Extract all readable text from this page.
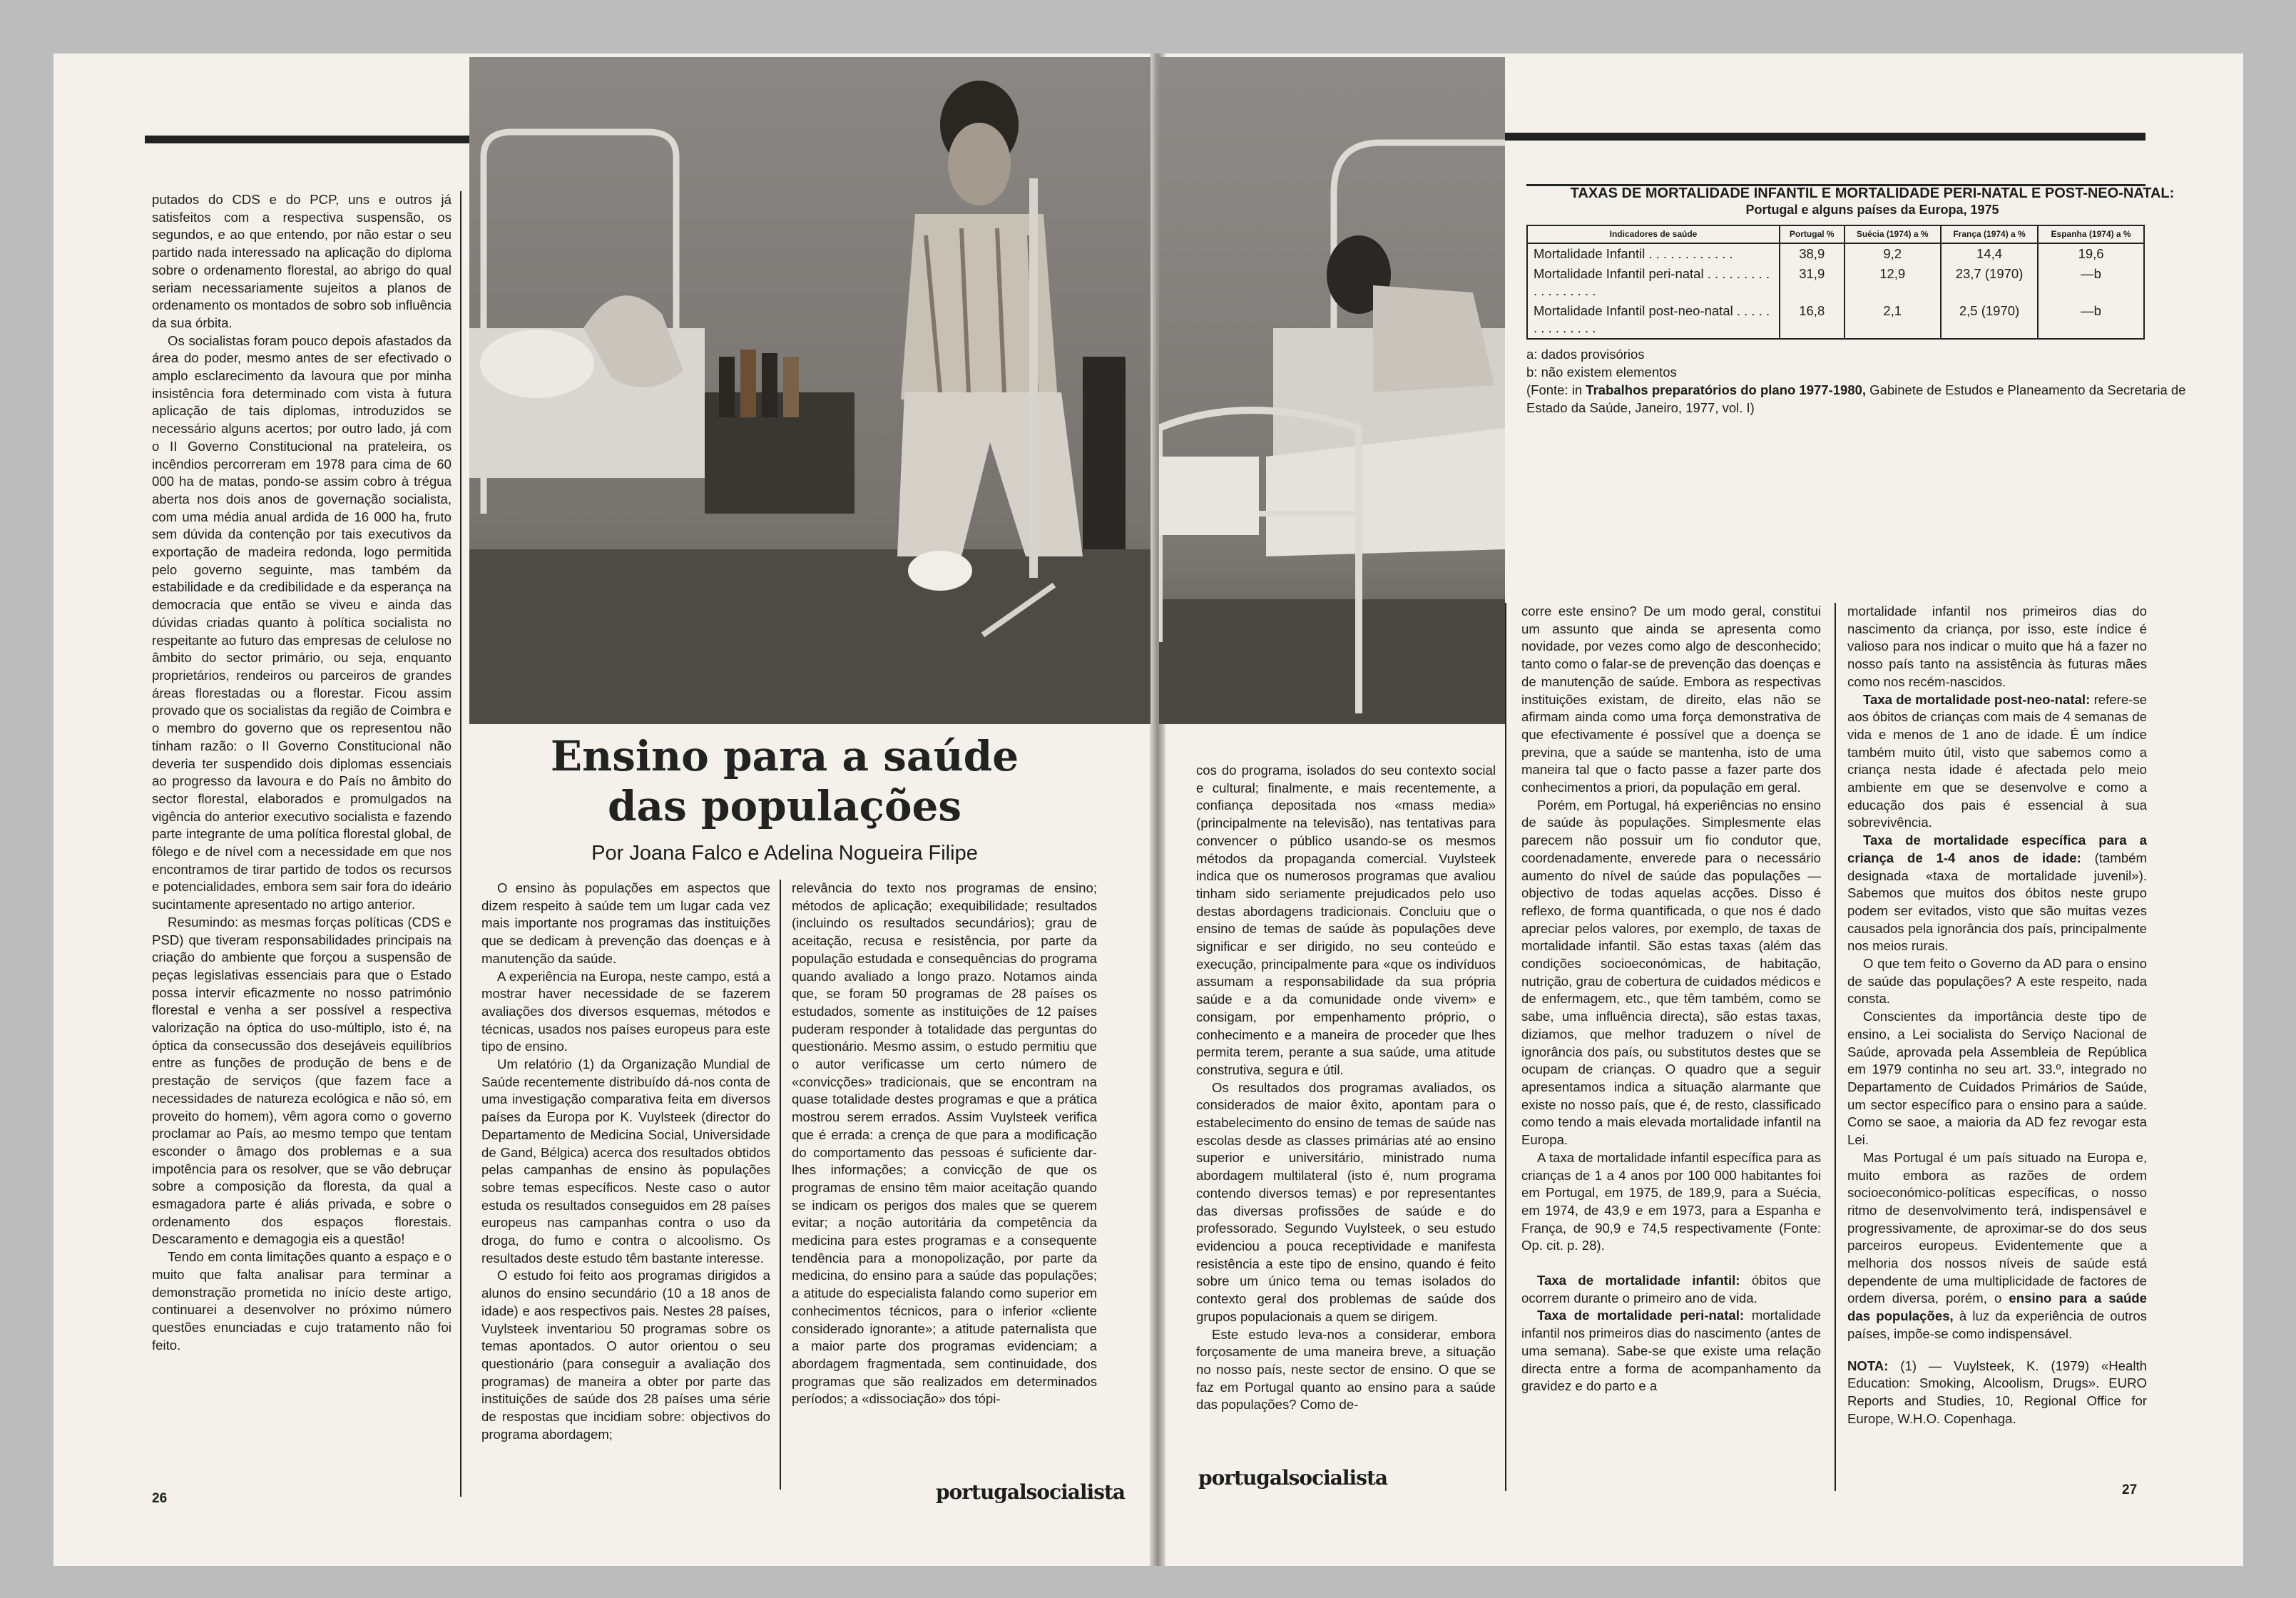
putados do CDS e do PCP, uns e outros já satisfeitos com a respectiva suspensão, os segundos, e ao que entendo, por não estar o seu partido nada interessado na aplicação do diploma sobre o ordenamento florestal, ao abrigo do qual seriam necessariamente sujeitos a planos de ordenamento os montados de sobro sob influência da sua órbita.

Os socialistas foram pouco depois afastados da área do poder, mesmo antes de ser efectivado o amplo esclarecimento da lavoura que por minha insistência fora determinado com vista à futura aplicação de tais diplomas, introduzidos se necessário alguns acertos; por outro lado, já com o II Governo Constitucional na prateleira, os incêndios percorreram em 1978 para cima de 60 000 ha de matas, pondo-se assim cobro à trégua aberta nos dois anos de governação socialista, com uma média anual ardida de 16 000 ha, fruto sem dúvida da contenção por tais executivos da exportação de madeira redonda, logo permitida pelo governo seguinte, mas também da estabilidade e da credibilidade e da esperança na democracia que então se viveu e ainda das dúvidas criadas quanto à política socialista no respeitante ao futuro das empresas de celulose no âmbito do sector primário, ou seja, enquanto proprietários, rendeiros ou parceiros de grandes áreas florestadas ou a florestar. Ficou assim provado que os socialistas da região de Coimbra e o membro do governo que os representou não tinham razão: o II Governo Constitucional não deveria ter suspendido dois diplomas essenciais ao progresso da lavoura e do País no âmbito do sector florestal, elaborados e promulgados na vigência do anterior executivo socialista e fazendo parte integrante de uma política florestal global, de fôlego e de nível com a necessidade em que nos encontramos de tirar partido de todos os recursos e potencialidades, embora sem sair fora do ideário sucintamente apresentado no artigo anterior.

Resumindo: as mesmas forças políticas (CDS e PSD) que tiveram responsabilidades principais na criação do ambiente que forçou a suspensão de peças legislativas essenciais para que o Estado possa intervir eficazmente no nosso património florestal e venha a ser possível a respectiva valorização na óptica do uso-múltiplo, isto é, na óptica da consecussão dos desejáveis equilíbrios entre as funções de produção de bens e de prestação de serviços (que fazem face a necessidades de natureza ecológica e não só, em proveito do homem), vêm agora como o governo proclamar ao País, ao mesmo tempo que tentam esconder o âmago dos problemas e a sua impotência para os resolver, que se vão debruçar sobre a composição da floresta, da qual a esmagadora parte é aliás privada, e sobre o ordenamento dos espaços florestais. Descaramento e demagogia eis a questão!

Tendo em conta limitações quanto a espaço e o muito que falta analisar para terminar a demonstração prometida no início deste artigo, continuarei a desenvolver no próximo número questões enunciadas e cujo tratamento não foi feito.

Ensino para a saúde
das populações

Por Joana Falco e Adelina Nogueira Filipe

O ensino às populações em aspectos que dizem respeito à saúde tem um lugar cada vez mais importante nos programas das instituições que se dedicam à prevenção das doenças e à manutenção da saúde.

A experiência na Europa, neste campo, está a mostrar haver necessidade de se fazerem avaliações dos diversos esquemas, métodos e técnicas, usados nos países europeus para este tipo de ensino.

Um relatório (1) da Organização Mundial de Saúde recentemente distribuído dá-nos conta de uma investigação comparativa feita em diversos países da Europa por K. Vuylsteek (director do Departamento de Medicina Social, Universidade de Gand, Bélgica) acerca dos resultados obtidos pelas campanhas de ensino às populações sobre temas específicos. Neste caso o autor estuda os resultados conseguidos em 28 países europeus nas campanhas contra o uso da droga, do fumo e contra o alcoolismo. Os resultados deste estudo têm bastante interesse.

O estudo foi feito aos programas dirigidos a alunos do ensino secundário (10 a 18 anos de idade) e aos respectivos pais. Nestes 28 países, Vuylsteek inventariou 50 programas sobre os temas apontados. O autor orientou o seu questionário (para conseguir a avaliação dos programas) de maneira a obter por parte das instituições de saúde dos 28 países uma série de respostas que incidiam sobre: objectivos do programa abordagem;

relevância do texto nos programas de ensino; métodos de aplicação; exequibilidade; resultados (incluindo os resultados secundários); grau de aceitação, recusa e resistência, por parte da população estudada e consequências do programa quando avaliado a longo prazo. Notamos ainda que, se foram 50 programas de 28 países os estudados, somente as instituições de 12 países puderam responder à totalidade das perguntas do questionário. Mesmo assim, o estudo permitiu que o autor verificasse um certo número de «convicções» tradicionais, que se encontram na quase totalidade destes programas e que a prática mostrou serem errados. Assim Vuylsteek verifica que é errada: a crença de que para a modificação do comportamento das pessoas é suficiente dar-lhes informações; a convicção de que os programas de ensino têm maior aceitação quando se indicam os perigos dos males que se querem evitar; a noção autoritária da competência da medicina para estes programas e a consequente tendência para a monopolização, por parte da medicina, do ensino para a saúde das populações; a atitude do especialista falando como superior em conhecimentos técnicos, para o inferior «cliente considerado ignorante»; a atitude paternalista que a maior parte dos programas evidenciam; a abordagem fragmentada, sem continuidade, dos programas que são realizados em determinados períodos; a «dissociação» dos tópi-

cos do programa, isolados do seu contexto social e cultural; finalmente, e mais recentemente, a confiança depositada nos «mass media» (principalmente na televisão), nas tentativas para convencer o público usando-se os mesmos métodos da propaganda comercial. Vuylsteek indica que os numerosos programas que avaliou tinham sido seriamente prejudicados pelo uso destas abordagens tradicionais. Concluiu que o ensino de temas de saúde às populações deve significar e ser dirigido, no seu conteúdo e execução, principalmente para «que os indivíduos assumam a responsabilidade da sua própria saúde e a da comunidade onde vivem» e consigam, por empenhamento próprio, o conhecimento e a maneira de proceder que lhes permita terem, perante a sua saúde, uma atitude construtiva, segura e útil.

Os resultados dos programas avaliados, os considerados de maior êxito, apontam para o estabelecimento do ensino de temas de saúde nas escolas desde as classes primárias até ao ensino superior e universitário, ministrado numa abordagem multilateral (isto é, num programa contendo diversos temas) e por representantes das diversas profissões de saúde e do professorado. Segundo Vuylsteek, o seu estudo evidenciou a pouca receptividade e manifesta resistência a este tipo de ensino, quando é feito sobre um único tema ou temas isolados do contexto geral dos problemas de saúde dos grupos populacionais a quem se dirigem.

Este estudo leva-nos a considerar, embora forçosamente de uma maneira breve, a situação no nosso país, neste sector de ensino. O que se faz em Portugal quanto ao ensino para a saúde das populações? Como de-

corre este ensino? De um modo geral, constitui um assunto que ainda se apresenta como novidade, por vezes como algo de desconhecido; tanto como o falar-se de prevenção das doenças e de manutenção de saúde. Embora as respectivas instituições existam, de direito, elas não se afirmam ainda como uma força demonstrativa de que efectivamente é possível que a doença se previna, que a saúde se mantenha, isto de uma maneira tal que o facto passe a fazer parte dos conhecimentos a priori, da população em geral.

Porém, em Portugal, há experiências no ensino de saúde às populações. Simplesmente elas parecem não possuir um fio condutor que, coordenadamente, enverede para o necessário aumento do nível de saúde das populações — objectivo de todas aquelas acções. Disso é reflexo, de forma quantificada, o que nos é dado apreciar pelos valores, por exemplo, de taxas de mortalidade infantil. São estas taxas (além das condições socioeconómicas, de habitação, nutrição, grau de cobertura de cuidados médicos e de enfermagem, etc., que têm também, como se sabe, uma influência directa), são estas taxas, diziamos, que melhor traduzem o nível de ignorância dos país, ou substitutos destes que se ocupam de crianças. O quadro que a seguir apresentamos indica a situação alarmante que existe no nosso país, que é, de resto, classificado como tendo a mais elevada mortalidade infantil na Europa.

A taxa de mortalidade infantil específica para as crianças de 1 a 4 anos por 100 000 habitantes foi em Portugal, em 1975, de 189,9, para a Suécia, em 1974, de 43,9 e em 1973, para a Espanha e França, de 90,9 e 74,5 respectivamente (Fonte: Op. cit. p. 28).

Taxa de mortalidade infantil: óbitos que ocorrem durante o primeiro ano de vida.

Taxa de mortalidade peri-natal: mortalidade infantil nos primeiros dias do nascimento (antes de uma semana). Sabe-se que existe uma relação directa entre a forma de acompanhamento da gravidez e do parto e a

mortalidade infantil nos primeiros dias do nascimento da criança, por isso, este índice é valioso para nos indicar o muito que há a fazer no nosso país tanto na assistência às futuras mães como nos recém-nascidos.

Taxa de mortalidade post-neo-natal: refere-se aos óbitos de crianças com mais de 4 semanas de vida e menos de 1 ano de idade. É um índice também muito útil, visto que sabemos como a criança nesta idade é afectada pelo meio ambiente em que se desenvolve e como a educação dos pais é essencial à sua sobrevivência.

Taxa de mortalidade específica para a criança de 1-4 anos de idade: (também designada «taxa de mortalidade juvenil»). Sabemos que muitos dos óbitos neste grupo podem ser evitados, visto que são muitas vezes causados pela ignorância dos país, principalmente nos meios rurais.

O que tem feito o Governo da AD para o ensino de saúde das populações? A este respeito, nada consta.

Conscientes da importância deste tipo de ensino, a Lei socialista do Serviço Nacional de Saúde, aprovada pela Assembleia de República em 1979 continha no seu art. 33.º, integrado no Departamento de Cuidados Primários de Saúde, um sector específico para o ensino para a saúde. Como se saoe, a maioria da AD fez revogar esta Lei.

Mas Portugal é um país situado na Europa e, muito embora as razões de ordem socioeconómico-políticas específicas, o nosso ritmo de desenvolvimento terá, indispensável e progressivamente, de aproximar-se do dos seus parceiros europeus. Evidentemente que a melhoria dos nossos níveis de saúde está dependente de uma multiplicidade de factores de ordem diversa, porém, o ensino para a saúde das populações, à luz da experiência de outros países, impõe-se como indispensável.

NOTA: (1) — Vuylsteek, K. (1979) «Health Education: Smoking, Alcoolism, Drugs». EURO Reports and Studies, 10, Regional Office for Europe, W.H.O. Copenhaga.

TAXAS DE MORTALIDADE INFANTIL E MORTALIDADE PERI-NATAL E POST-NEO-NATAL:

Portugal e alguns países da Europa, 1975

Indicadores de saúde	Portugal %	Suécia (1974) a %	França (1974) a %	Espanha (1974) a %
Mortalidade Infantil . . . . . . . . . . . .	38,9	9,2	14,4	19,6
Mortalidade Infantil peri-natal . . . . . . . . . . . . . . . . . .	31,9	12,9	23,7 (1970)	—b
Mortalidade Infantil post-neo-natal . . . . . . . . . . . . . .	16,8	2,1	2,5 (1970)	—b

a: dados provisórios

b: não existem elementos

(Fonte: in Trabalhos preparatórios do plano 1977-1980, Gabinete de Estudos e Planeamento da Secretaria de Estado da Saúde, Janeiro, 1977, vol. I)

26	portugalsocialista
portugalsocialista
27
